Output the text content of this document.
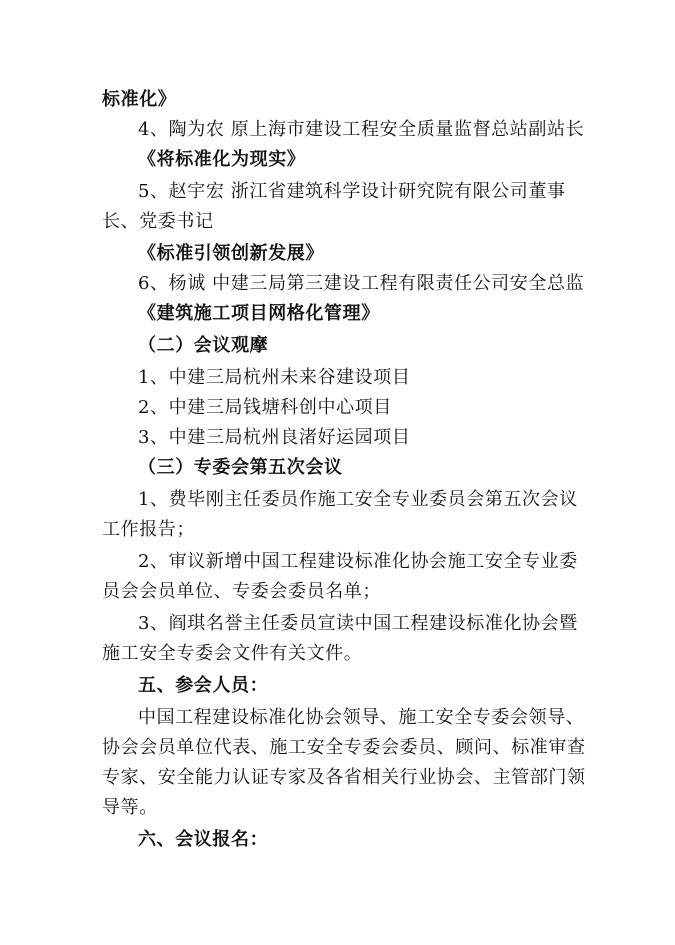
标准化》
4、陶为农 原上海市建设工程安全质量监督总站副站长
《将标准化为现实》
5、赵宇宏 浙江省建筑科学设计研究院有限公司董事
长、党委书记
《标准引领创新发展》
6、杨诚 中建三局第三建设工程有限责任公司安全总监
《建筑施工项目网格化管理》
（二）会议观摩
1、中建三局杭州未来谷建设项目
2、中建三局钱塘科创中心项目
3、中建三局杭州良渚好运园项目
（三）专委会第五次会议
1、费毕刚主任委员作施工安全专业委员会第五次会议
工作报告；
2、审议新增中国工程建设标准化协会施工安全专业委
员会会员单位、专委会委员名单；
3、阎琪名誉主任委员宣读中国工程建设标准化协会暨
施工安全专委会文件有关文件。
五、参会人员：
中国工程建设标准化协会领导、施工安全专委会领导、
协会会员单位代表、施工安全专委会委员、顾问、标准审查
专家、安全能力认证专家及各省相关行业协会、主管部门领
导等。
六、会议报名：
